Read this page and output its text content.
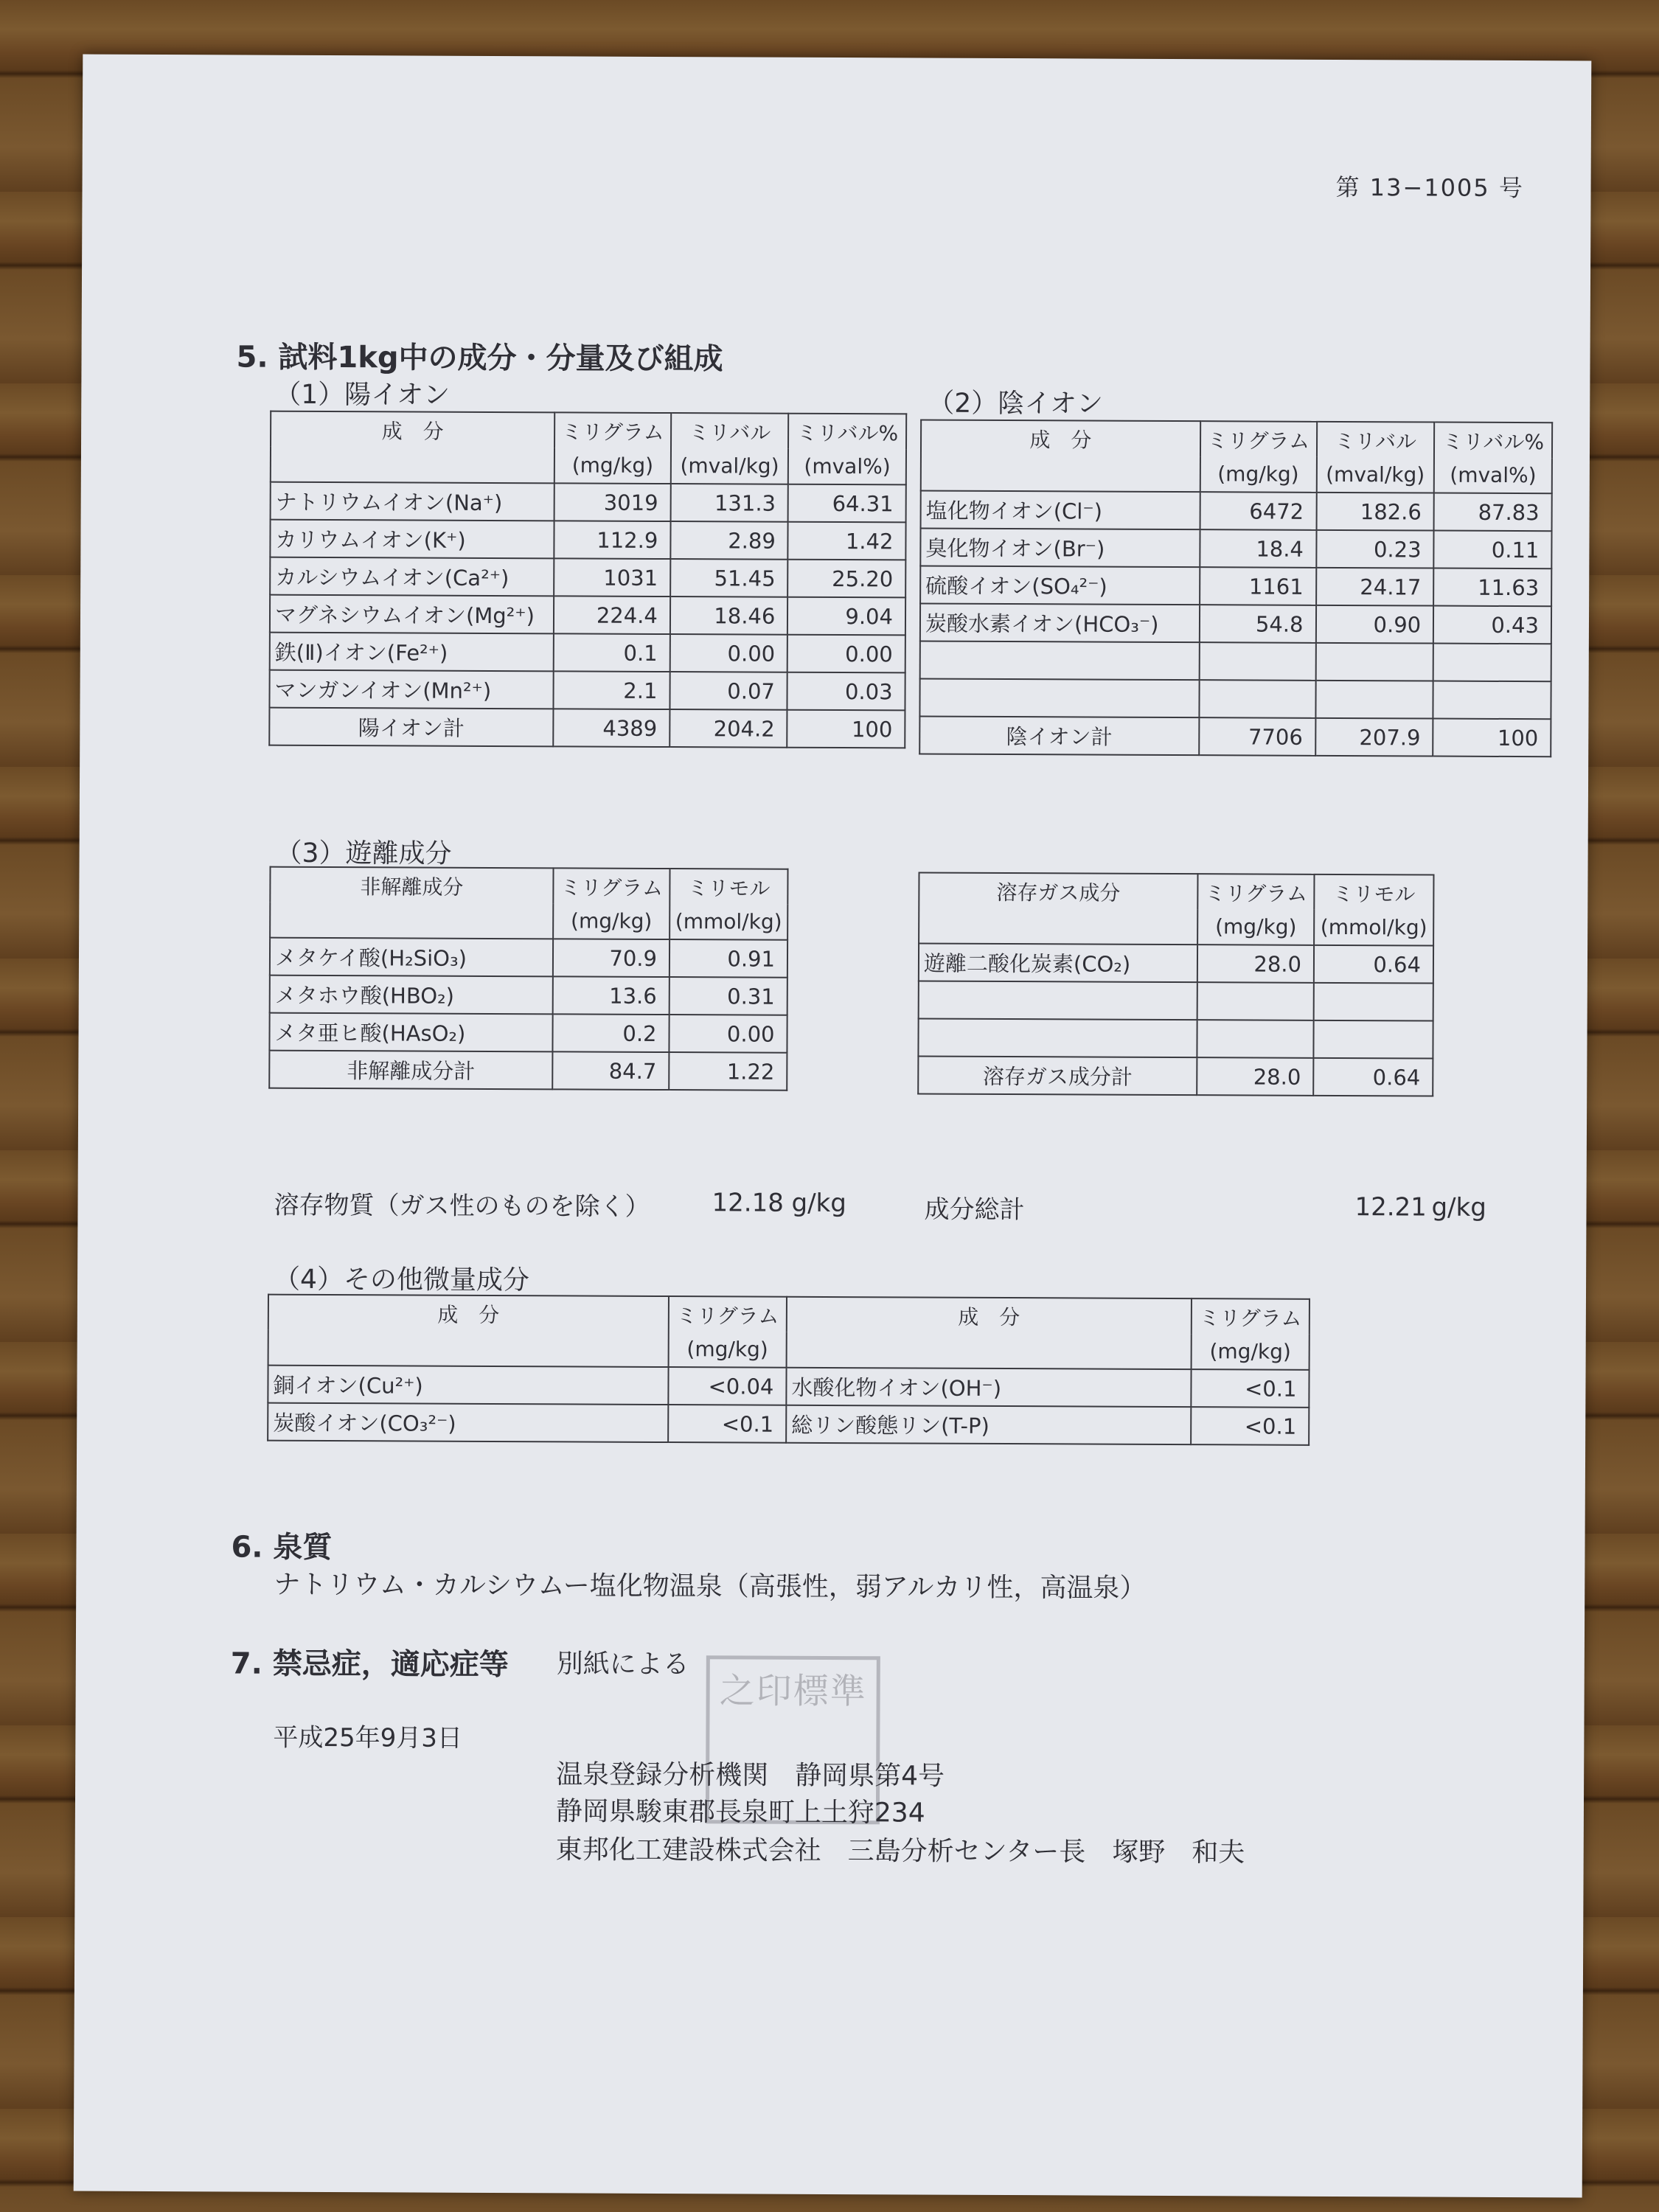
第 13−1005 号
5. 試料1kg中の成分・分量及び組成
（1）陽イオン
成　分	ミリグラム	ミリバル	ミリバル%
	(mg/kg)	(mval/kg)	(mval%)
ナトリウムイオン(Na⁺)	3019	131.3	64.31
カリウムイオン(K⁺)	112.9	2.89	1.42
カルシウムイオン(Ca²⁺)	1031	51.45	25.20
マグネシウムイオン(Mg²⁺)	224.4	18.46	9.04
鉄(Ⅱ)イオン(Fe²⁺)	0.1	0.00	0.00
マンガンイオン(Mn²⁺)	2.1	0.07	0.03
陽イオン計	4389	204.2	100
（2）陰イオン
成　分	ミリグラム	ミリバル	ミリバル%
	(mg/kg)	(mval/kg)	(mval%)
塩化物イオン(Cl⁻)	6472	182.6	87.83
臭化物イオン(Br⁻)	18.4	0.23	0.11
硫酸イオン(SO₄²⁻)	1161	24.17	11.63
炭酸水素イオン(HCO₃⁻)	54.8	0.90	0.43

陰イオン計	7706	207.9	100
（3）遊離成分
非解離成分	ミリグラム	ミリモル
	(mg/kg)	(mmol/kg)
メタケイ酸(H₂SiO₃)	70.9	0.91
メタホウ酸(HBO₂)	13.6	0.31
メタ亜ヒ酸(HAsO₂)	0.2	0.00
非解離成分計	84.7	1.22
溶存ガス成分	ミリグラム	ミリモル
	(mg/kg)	(mmol/kg)
遊離二酸化炭素(CO₂)	28.0	0.64

溶存ガス成分計	28.0	0.64
溶存物質（ガス性のものを除く） 12.18 g/kg	成分総計	12.21 g/kg
（4）その他微量成分
成　分	ミリグラム	成　分	ミリグラム
	(mg/kg)		(mg/kg)
銅イオン(Cu²⁺)	<0.04	水酸化物イオン(OH⁻)	<0.1
炭酸イオン(CO₃²⁻)	<0.1	総リン酸態リン(T-P)	<0.1
6. 泉質
ナトリウム・カルシウムー塩化物温泉（高張性，弱アルカリ性，高温泉）
7. 禁忌症，適応症等 別紙による
平成25年9月3日
之印標準
温泉登録分析機関　静岡県第4号
静岡県駿東郡長泉町上土狩234
東邦化工建設株式会社　三島分析センター長　塚野　和夫
